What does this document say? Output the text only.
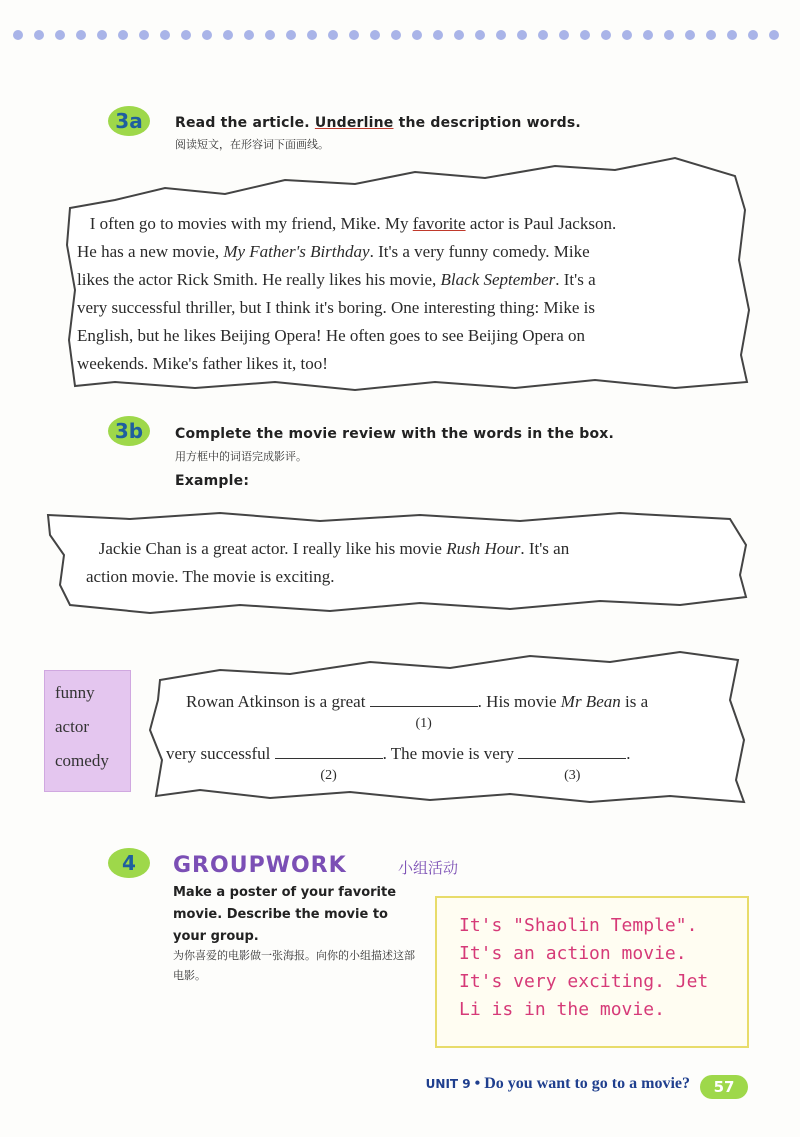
3a	Read the article. Underline the description words.
阅读短文，在形容词下面画线。
I often go to movies with my friend, Mike. My favorite actor is Paul Jackson.
He has a new movie, My Father's Birthday. It's a very funny comedy. Mike
likes the actor Rick Smith. He really likes his movie, Black September. It's a
very successful thriller, but I think it's boring. One interesting thing: Mike is
English, but he likes Beijing Opera! He often goes to see Beijing Opera on
weekends. Mike's father likes it, too!
3b	Complete the movie review with the words in the box.
用方框中的词语完成影评。
Example:
Jackie Chan is a great actor. I really like his movie Rush Hour. It's an
action movie. The movie is exciting.
funny
actor
comedy
Rowan Atkinson is a great
(1)
. His movie Mr Bean is a
very successful
(2)
. The movie is very
(3)
.
4	GROUPWORK	小组活动
Make a poster of your favorite movie. Describe the movie to your group.
为你喜爱的电影做一张海报。向你的小组描述这部电影。
It's "Shaolin Temple". It's an action movie. It's very exciting. Jet Li is in the movie.
UNIT 9 • Do you want to go to a movie?	57
